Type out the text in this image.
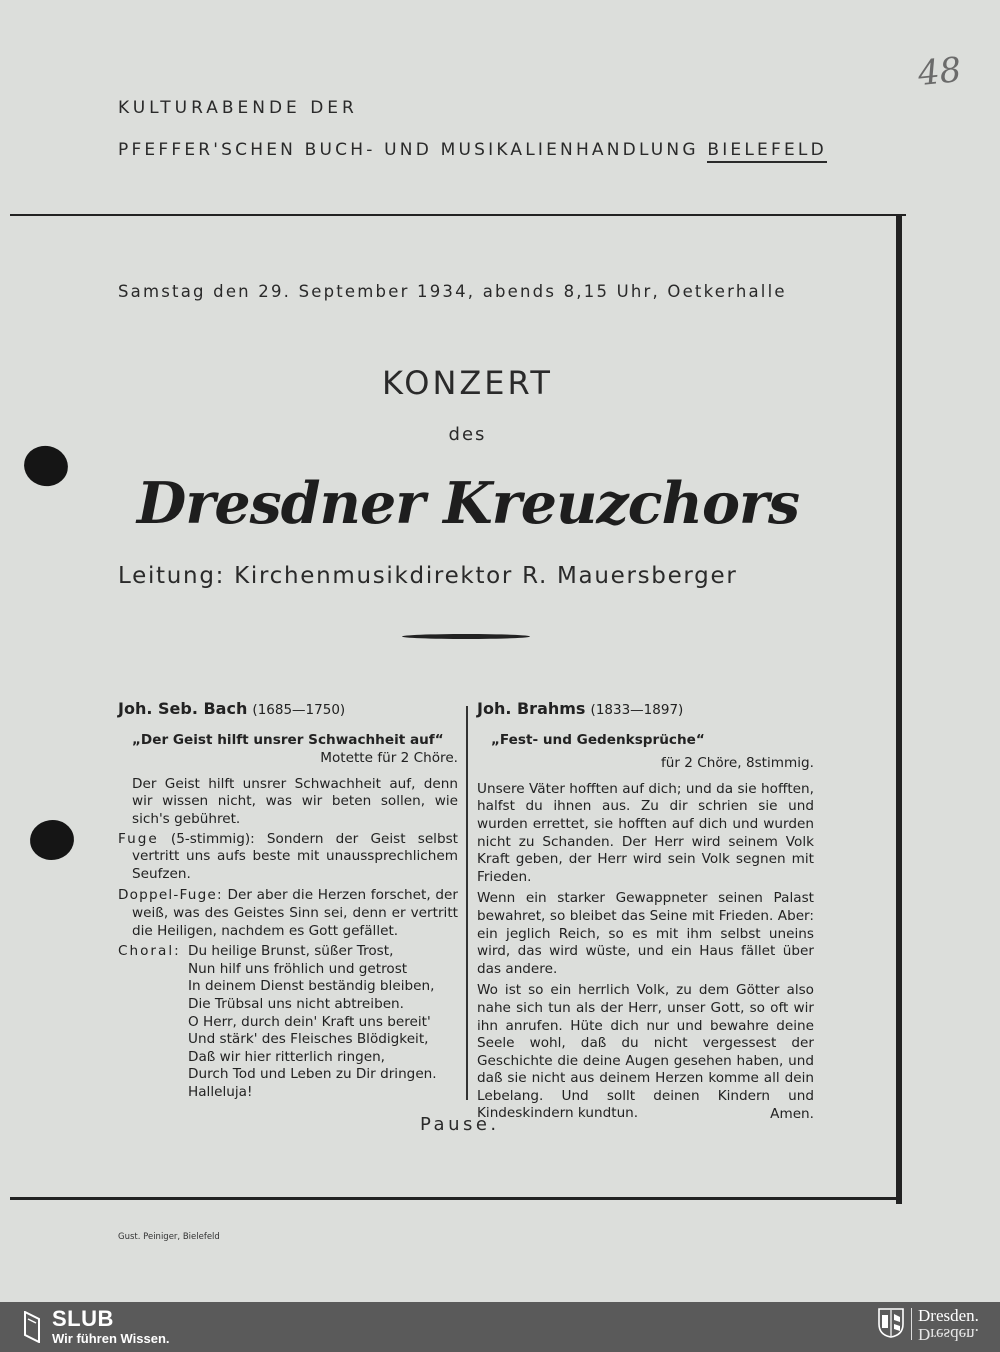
48
KULTURABENDE DER
PFEFFER'SCHEN BUCH- UND MUSIKALIENHANDLUNG BIELEFELD
Samstag den 29. September 1934, abends 8,15 Uhr, Oetkerhalle
KONZERT
des
Dresdner Kreuzchors
Leitung: Kirchenmusikdirektor R. Mauersberger
Joh. Seb. Bach (1685—1750)

„Der Geist hilft unsrer Schwachheit auf“

Motette für 2 Chöre.

Der Geist hilft unsrer Schwachheit auf, denn wir wissen nicht, was wir beten sollen, wie sich's gebühret.

Fuge (5-stimmig): Sondern der Geist selbst vertritt uns aufs beste mit unaussprechlichem Seufzen.

Doppel-Fuge: Der aber die Herzen forschet, der weiß, was des Geistes Sinn sei, denn er vertritt die Heiligen, nachdem es Gott gefället.

Choral: Du heilige Brunst, süßer Trost,

Nun hilf uns fröhlich und getrost

In deinem Dienst beständig bleiben,

Die Trübsal uns nicht abtreiben.

O Herr, durch dein' Kraft uns bereit'

Und stärk' des Fleisches Blödigkeit,

Daß wir hier ritterlich ringen,

Durch Tod und Leben zu Dir dringen.

Halleluja!

Joh. Brahms (1833—1897)

„Fest- und Gedenksprüche“

für 2 Chöre, 8stimmig.

Unsere Väter hofften auf dich; und da sie hofften, halfst du ihnen aus. Zu dir schrien sie und wurden errettet, sie hofften auf dich und wurden nicht zu Schanden. Der Herr wird seinem Volk Kraft geben, der Herr wird sein Volk segnen mit Frieden.

Wenn ein starker Gewappneter seinen Palast bewahret, so bleibet das Seine mit Frieden. Aber: ein jeglich Reich, so es mit ihm selbst uneins wird, das wird wüste, und ein Haus fället über das andere.

Wo ist so ein herrlich Volk, zu dem Götter also nahe sich tun als der Herr, unser Gott, so oft wir ihn anrufen. Hüte dich nur und bewahre deine Seele wohl, daß du nicht vergessest der Geschichte die deine Augen gesehen haben, und daß sie nicht aus deinem Herzen komme all dein Lebelang. Und sollt deinen Kindern und Kindeskindern kundtun.	Amen.

Pause.
Gust. Peiniger, Bielefeld
SLUB
Wir führen Wissen.
Dresden.
Dresden.
